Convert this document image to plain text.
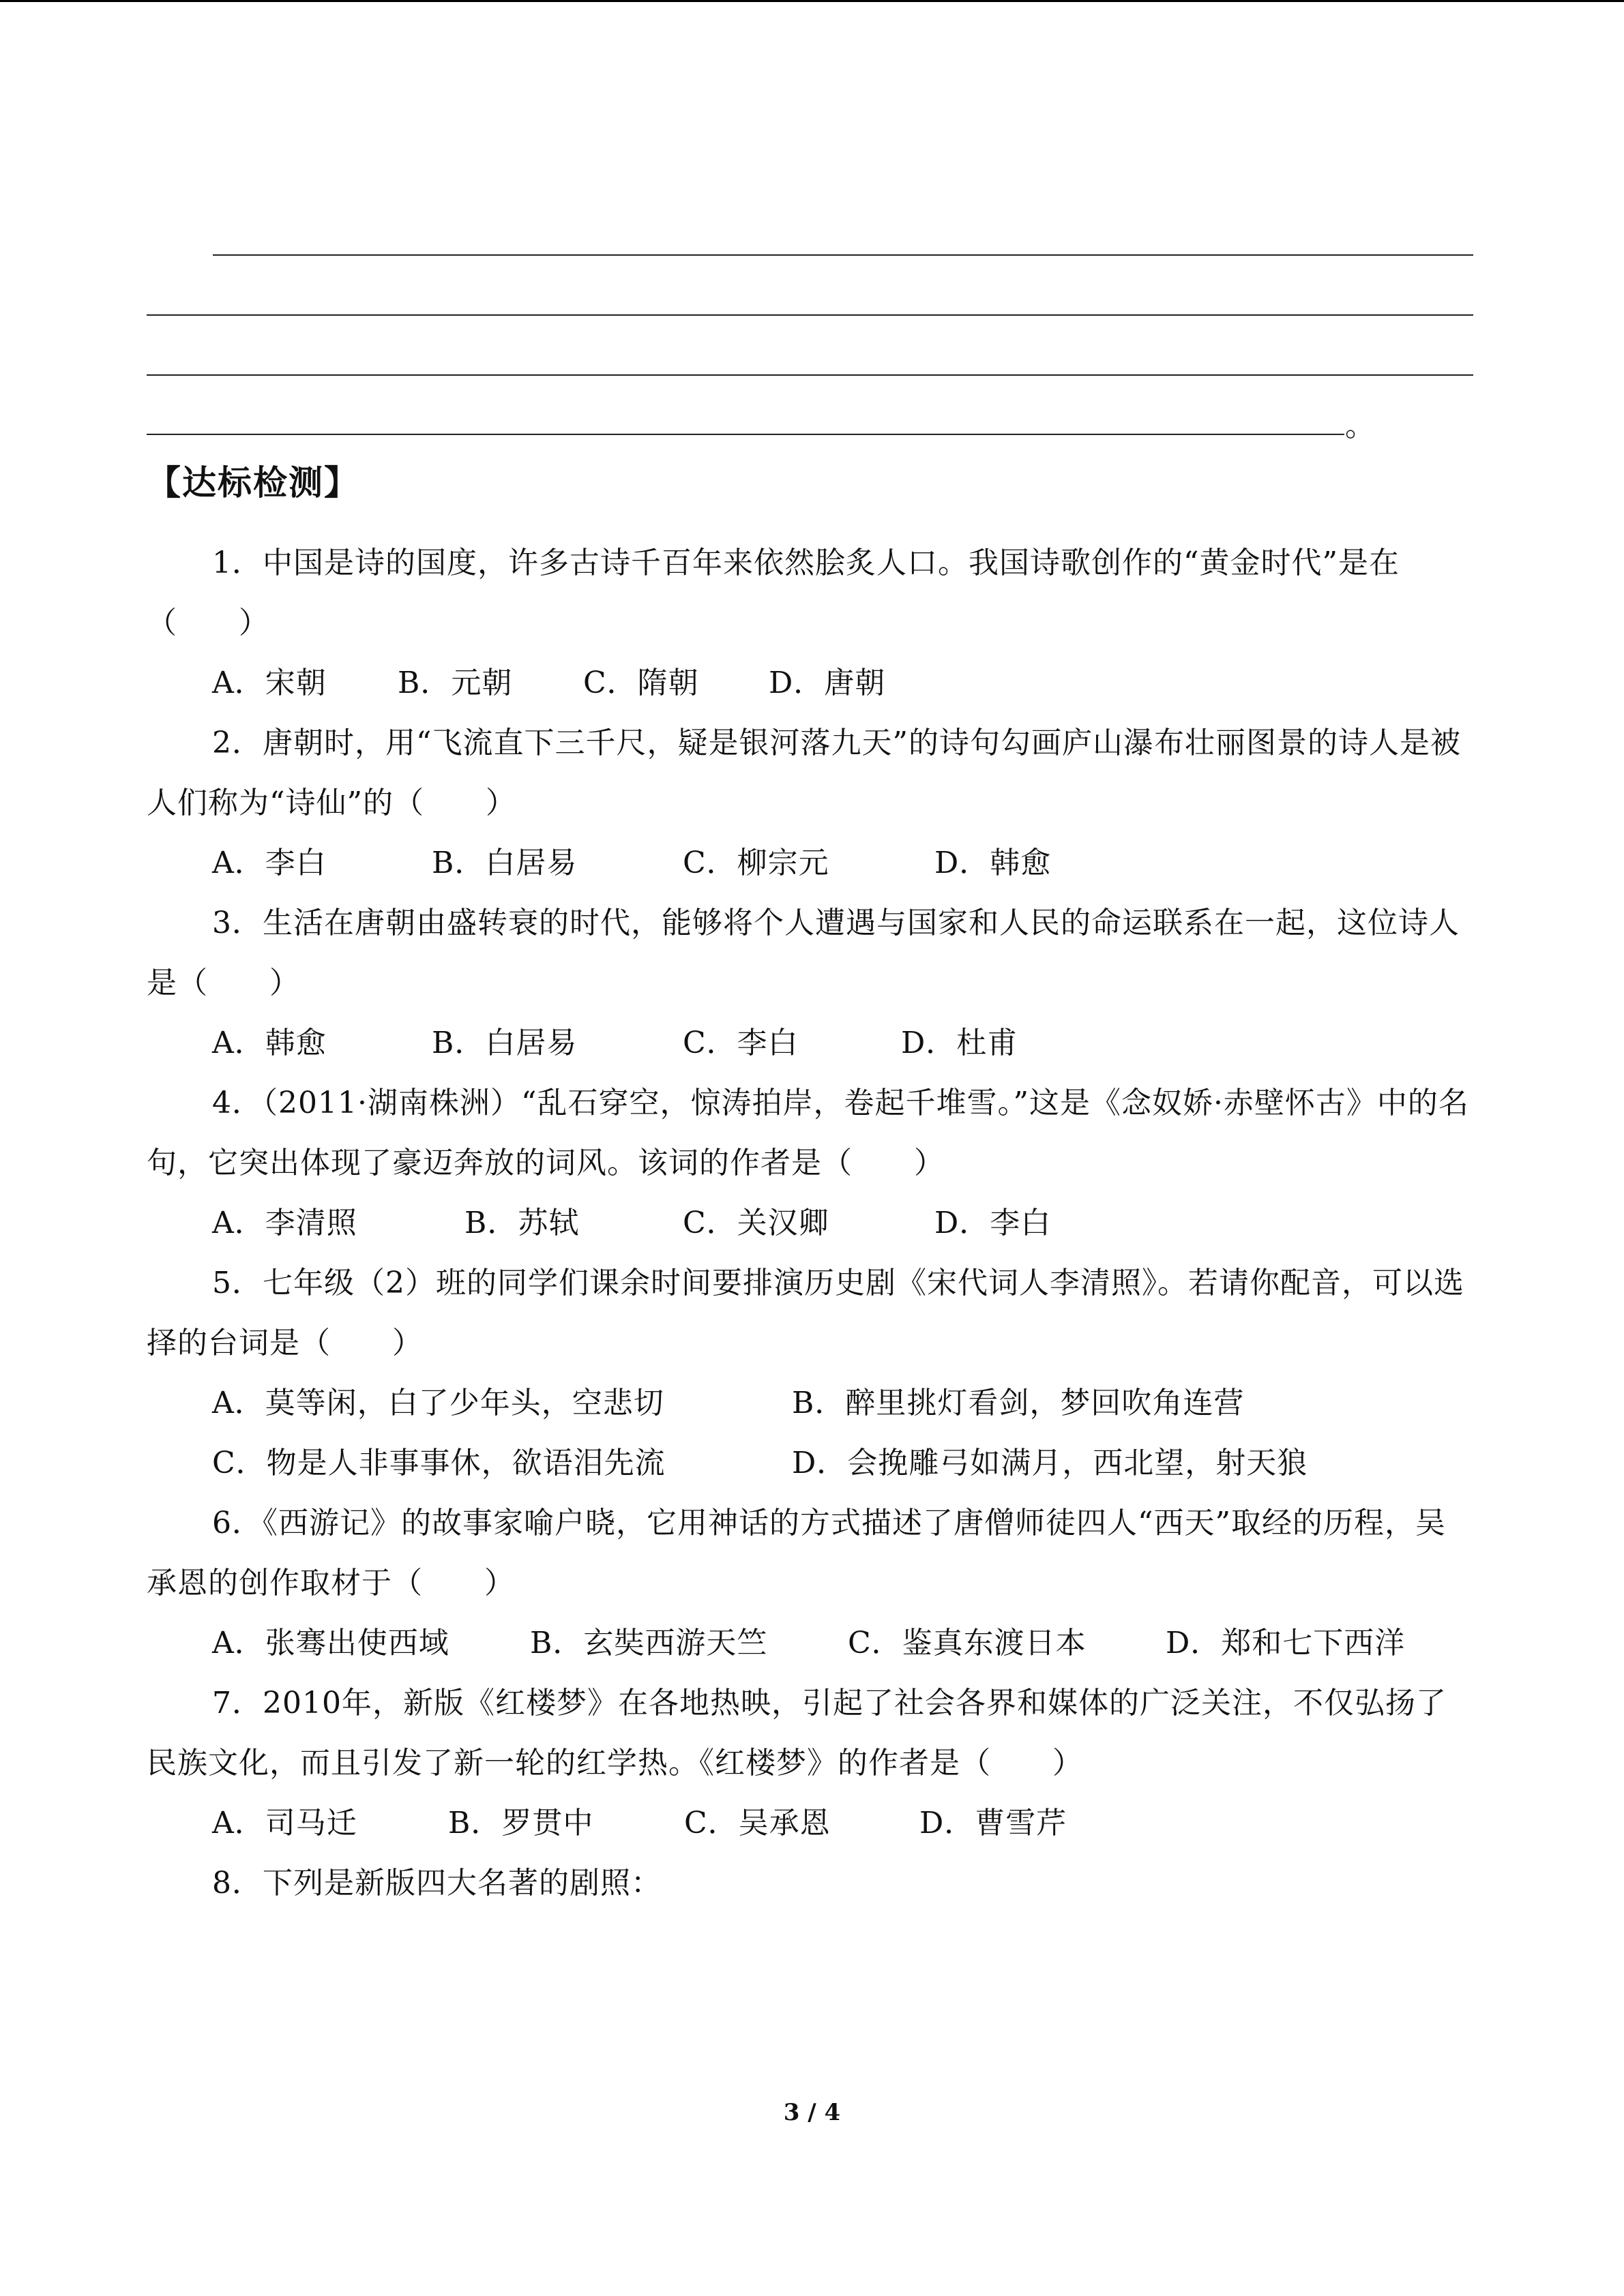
。
【达标检测】
1．中国是诗的国度，许多古诗千百年来依然脍炙人口。我国诗歌创作的“黄金时代”是在（　　）
A．宋朝	B．元朝	C．隋朝	D．唐朝
2．唐朝时，用“飞流直下三千尺，疑是银河落九天”的诗句勾画庐山瀑布壮丽图景的诗人是被人们称为“诗仙”的（　　）
A．李白	B．白居易	C．柳宗元	D．韩愈
3．生活在唐朝由盛转衰的时代，能够将个人遭遇与国家和人民的命运联系在一起，这位诗人是（　　）
A．韩愈	B．白居易	C．李白	D．杜甫
4．（2011·湖南株洲）“乱石穿空，惊涛拍岸，卷起千堆雪。”这是《念奴娇·赤壁怀古》中的名句，它突出体现了豪迈奔放的词风。该词的作者是（　　）
A．李清照	B．苏轼	C．关汉卿	D．李白
5．七年级（2）班的同学们课余时间要排演历史剧《宋代词人李清照》。若请你配音，可以选择的台词是（　　）
A．莫等闲，白了少年头，空悲切	B．醉里挑灯看剑，梦回吹角连营
C．物是人非事事休，欲语泪先流	D．会挽雕弓如满月，西北望，射天狼
6．《西游记》的故事家喻户晓，它用神话的方式描述了唐僧师徒四人“西天”取经的历程，吴承恩的创作取材于（　　）
A．张骞出使西域	B．玄奘西游天竺	C．鉴真东渡日本	D．郑和七下西洋
7．2010年，新版《红楼梦》在各地热映，引起了社会各界和媒体的广泛关注，不仅弘扬了民族文化，而且引发了新一轮的红学热。《红楼梦》的作者是（　　）
A．司马迁	B．罗贯中	C．吴承恩	D．曹雪芹
8．下列是新版四大名著的剧照：
3 / 4
